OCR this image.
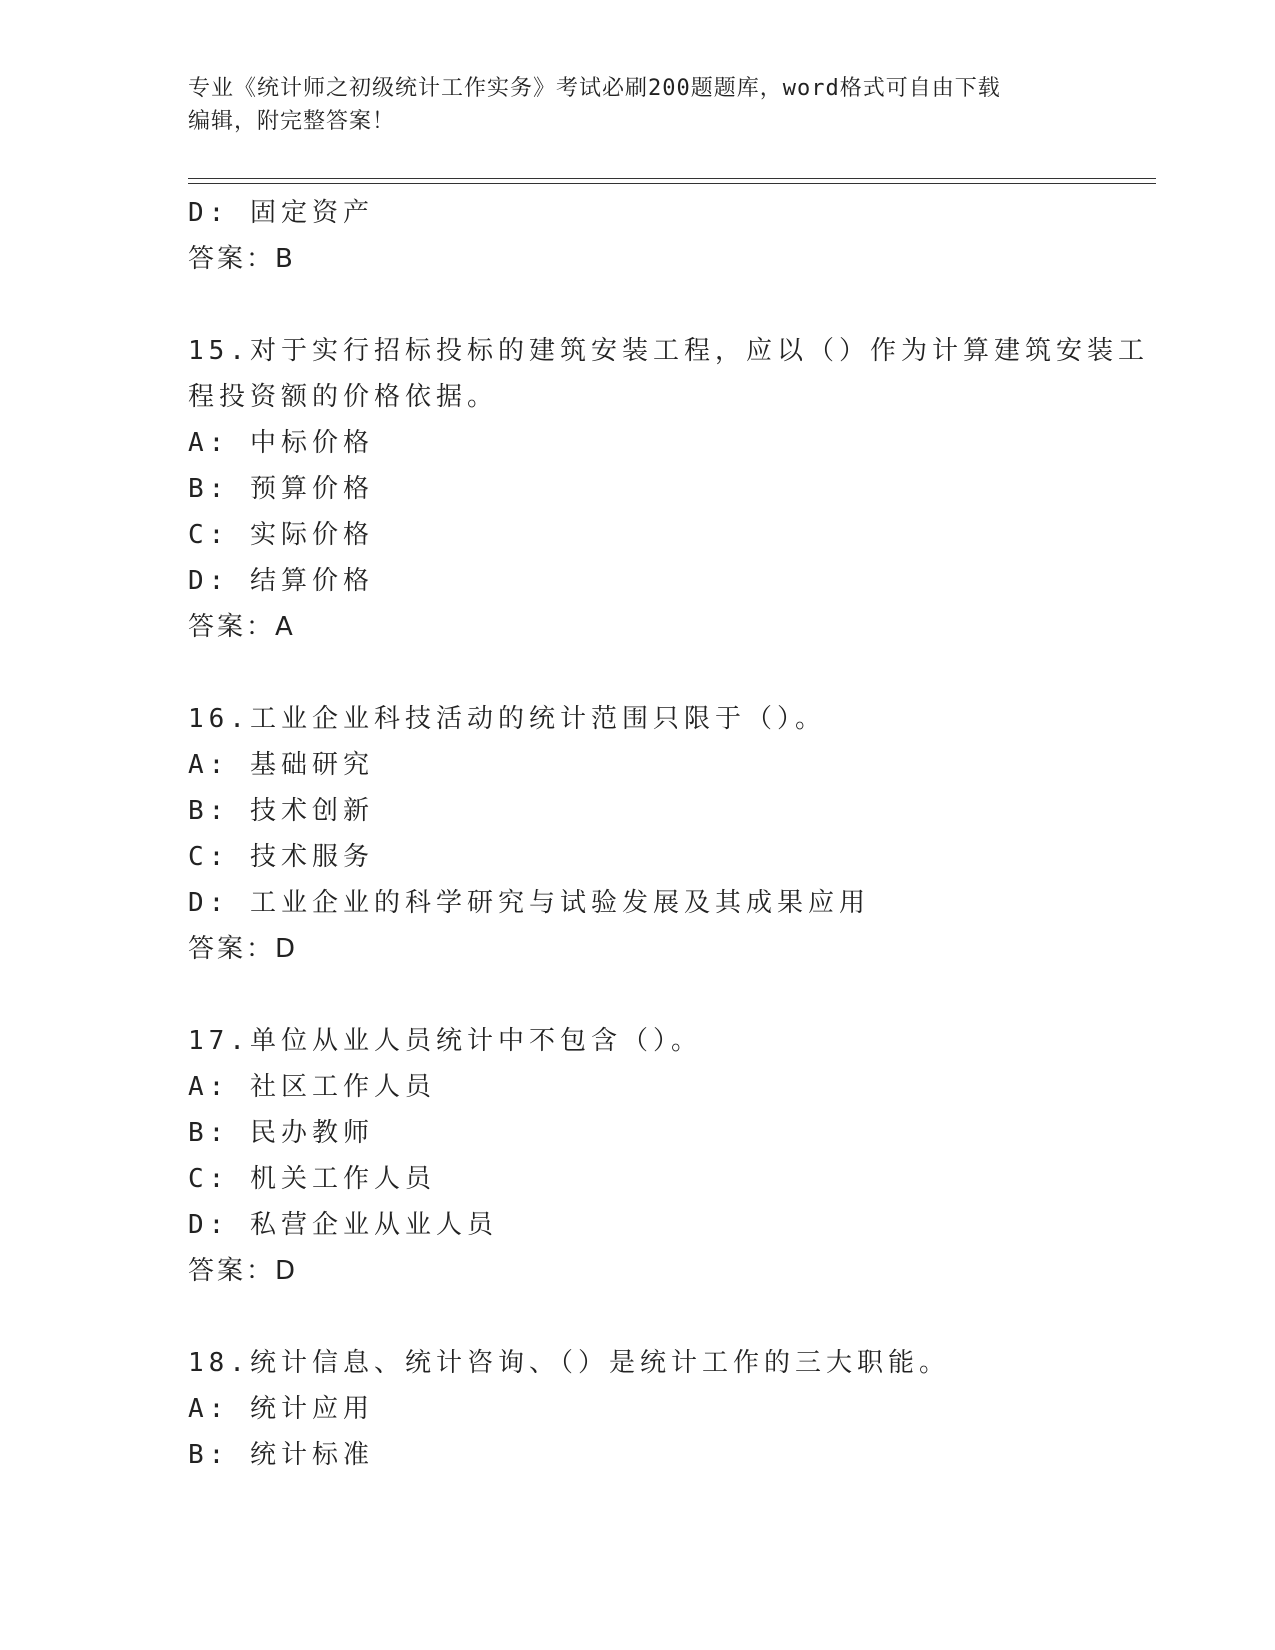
专业《统计师之初级统计工作实务》考试必刷200题题库，word格式可自由下载
编辑，附完整答案！
D: 固定资产
答案：B
15.对于实行招标投标的建筑安装工程，应以（）作为计算建筑安装工
程投资额的价格依据。
A: 中标价格
B: 预算价格
C: 实际价格
D: 结算价格
答案：A
16.工业企业科技活动的统计范围只限于（）。
A: 基础研究
B: 技术创新
C: 技术服务
D: 工业企业的科学研究与试验发展及其成果应用
答案：D
17.单位从业人员统计中不包含（）。
A: 社区工作人员
B: 民办教师
C: 机关工作人员
D: 私营企业从业人员
答案：D
18.统计信息、统计咨询、（）是统计工作的三大职能。
A: 统计应用
B: 统计标准
